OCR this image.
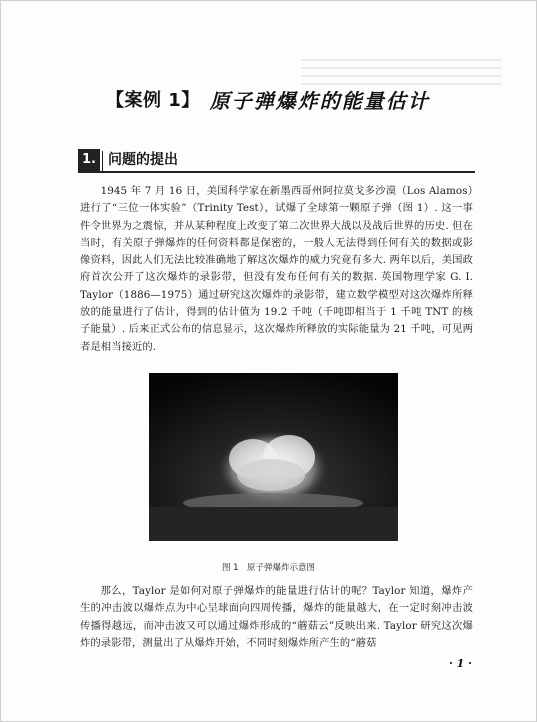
【案例 1】 原子弹爆炸的能量估计
1. 问题的提出

1945 年 7 月 16 日，美国科学家在新墨西哥州阿拉莫戈多沙漠（Los Alamos）进行了“三位一体实验”（Trinity Test），试爆了全球第一颗原子弹（图 1）. 这一事件令世界为之震惊，并从某种程度上改变了第二次世界大战以及战后世界的历史. 但在当时，有关原子弹爆炸的任何资料都是保密的，一般人无法得到任何有关的数据或影像资料，因此人们无法比较准确地了解这次爆炸的威力究竟有多大. 两年以后，美国政府首次公开了这次爆炸的录影带，但没有发布任何有关的数据. 英国物理学家 G. I. Taylor（1886—1975）通过研究这次爆炸的录影带，建立数学模型对这次爆炸所释放的能量进行了估计，得到的估计值为 19.2 千吨（千吨即相当于 1 千吨 TNT 的核子能量）. 后来正式公布的信息显示，这次爆炸所释放的实际能量为 21 千吨，可见两者是相当接近的.

图 1　原子弹爆炸示意图

那么，Taylor 是如何对原子弹爆炸的能量进行估计的呢？Taylor 知道，爆炸产生的冲击波以爆炸点为中心呈球面向四周传播，爆炸的能量越大，在一定时刻冲击波传播得越远，而冲击波又可以通过爆炸形成的“蘑菇云”反映出来. Taylor 研究这次爆炸的录影带，测量出了从爆炸开始，不同时刻爆炸所产生的“蘑菇

· 1 ·
